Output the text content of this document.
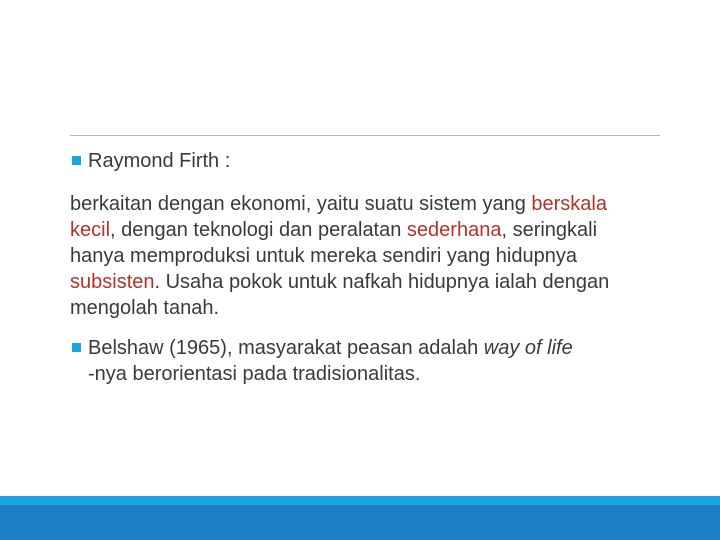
Raymond Firth :
berkaitan dengan ekonomi, yaitu suatu sistem yang berskala kecil, dengan teknologi dan peralatan sederhana, seringkali hanya memproduksi untuk mereka sendiri yang hidupnya subsisten. Usaha pokok untuk nafkah hidupnya ialah dengan mengolah tanah.
Belshaw (1965), masyarakat peasan adalah way of life
-nya berorientasi pada tradisionalitas.
